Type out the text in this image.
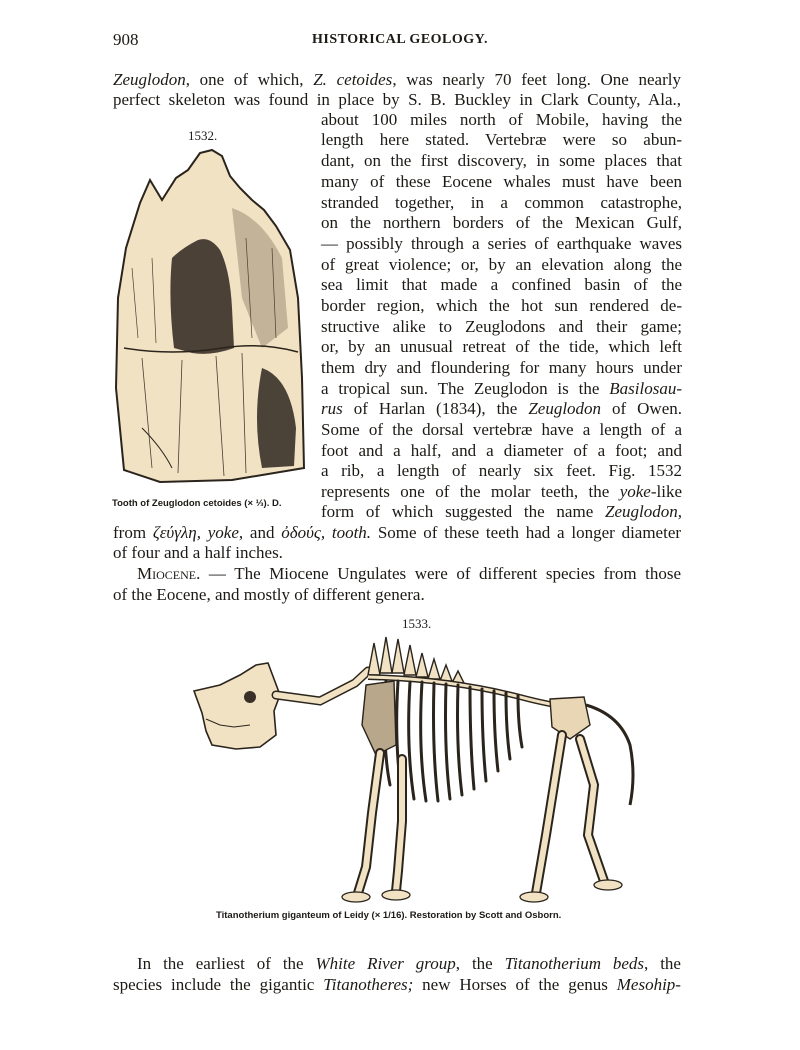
908	HISTORICAL GEOLOGY.
Zeuglodon, one of which, Z. cetoides, was nearly 70 feet long. One nearly
perfect skeleton was found in place by S. B. Buckley in Clark County, Ala.,
1532.
Tooth of Zeuglodon cetoides (× ⅓). D.
about 100 miles north of Mobile, having the
length here stated. Vertebræ were so abun-
dant, on the first discovery, in some places that
many of these Eocene whales must have been
stranded together, in a common catastrophe,
on the northern borders of the Mexican Gulf,
— possibly through a series of earthquake waves
of great violence; or, by an elevation along the
sea limit that made a confined basin of the
border region, which the hot sun rendered de-
structive alike to Zeuglodons and their game;
or, by an unusual retreat of the tide, which left
them dry and floundering for many hours under
a tropical sun. The Zeuglodon is the Basilosau-
rus of Harlan (1834), the Zeuglodon of Owen.
Some of the dorsal vertebræ have a length of a
foot and a half, and a diameter of a foot; and
a rib, a length of nearly six feet. Fig. 1532
represents one of the molar teeth, the yoke-like
form of which suggested the name Zeuglodon,
from ζεύγλη, yoke, and ὀδούς, tooth. Some of these teeth had a longer diameter
of four and a half inches.
Miocene. — The Miocene Ungulates were of different species from those
of the Eocene, and mostly of different genera.
1533.
Titanotherium giganteum of Leidy (× 1/16). Restoration by Scott and Osborn.
In the earliest of the White River group, the Titanotherium beds, the
species include the gigantic Titanotheres; new Horses of the genus Mesohip-
